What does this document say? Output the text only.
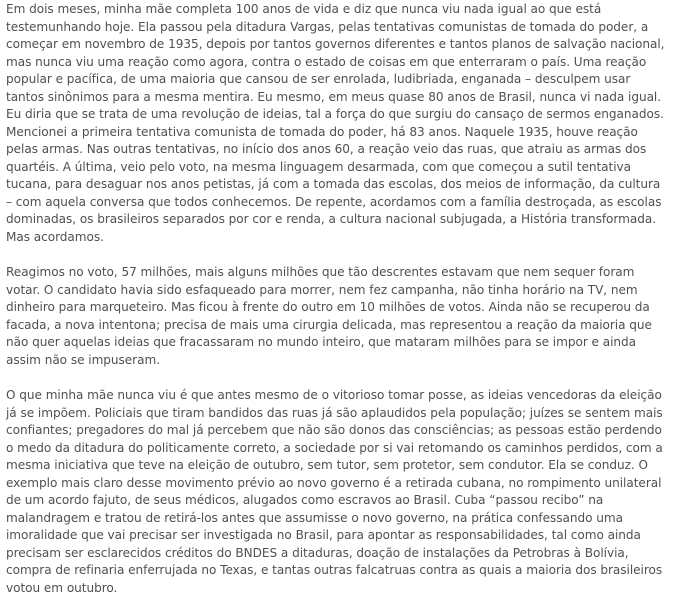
Em dois meses, minha mãe completa 100 anos de vida e diz que nunca viu nada igual ao que está testemunhando hoje. Ela passou pela ditadura Vargas, pelas tentativas comunistas de tomada do poder, a começar em novembro de 1935, depois por tantos governos diferentes e tantos planos de salvação nacional, mas nunca viu uma reação como agora, contra o estado de coisas em que enterraram o país. Uma reação popular e pacífica, de uma maioria que cansou de ser enrolada, ludibriada, enganada – desculpem usar tantos sinônimos para a mesma mentira. Eu mesmo, em meus quase 80 anos de Brasil, nunca vi nada igual. Eu diria que se trata de uma revolução de ideias, tal a força do que surgiu do cansaço de sermos enganados.

Mencionei a primeira tentativa comunista de tomada do poder, há 83 anos. Naquele 1935, houve reação pelas armas. Nas outras tentativas, no início dos anos 60, a reação veio das ruas, que atraiu as armas dos quartéis. A última, veio pelo voto, na mesma linguagem desarmada, com que começou a sutil tentativa tucana, para desaguar nos anos petistas, já com a tomada das escolas, dos meios de informação, da cultura – com aquela conversa que todos conhecemos. De repente, acordamos com a família destroçada, as escolas dominadas, os brasileiros separados por cor e renda, a cultura nacional subjugada, a História transformada. Mas acordamos.

Reagimos no voto, 57 milhões, mais alguns milhões que tão descrentes estavam que nem sequer foram votar. O candidato havia sido esfaqueado para morrer, nem fez campanha, não tinha horário na TV, nem dinheiro para marqueteiro. Mas ficou à frente do outro em 10 milhões de votos. Ainda não se recuperou da facada, a nova intentona; precisa de mais uma cirurgia delicada, mas representou a reação da maioria que não quer aquelas ideias que fracassaram no mundo inteiro, que mataram milhões para se impor e ainda assim não se impuseram.

O que minha mãe nunca viu é que antes mesmo de o vitorioso tomar posse, as ideias vencedoras da eleição já se impõem. Policiais que tiram bandidos das ruas já são aplaudidos pela população; juízes se sentem mais confiantes; pregadores do mal já percebem que não são donos das consciências; as pessoas estão perdendo o medo da ditadura do politicamente correto, a sociedade por si vai retomando os caminhos perdidos, com a mesma iniciativa que teve na eleição de outubro, sem tutor, sem protetor, sem condutor. Ela se conduz. O exemplo mais claro desse movimento prévio ao novo governo é a retirada cubana, no rompimento unilateral de um acordo fajuto, de seus médicos, alugados como escravos ao Brasil. Cuba “passou recibo” na malandragem e tratou de retirá-los antes que assumisse o novo governo, na prática confessando uma imoralidade que vai precisar ser investigada no Brasil, para apontar as responsabilidades, tal como ainda precisam ser esclarecidos créditos do BNDES a ditaduras, doação de instalações da Petrobras à Bolívia, compra de refinaria enferrujada no Texas, e tantas outras falcatruas contra as quais a maioria dos brasileiros votou em outubro.
